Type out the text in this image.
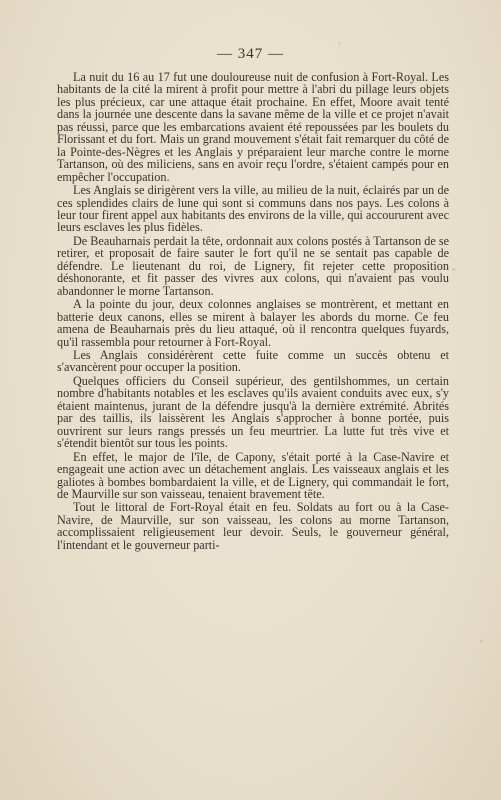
— 347 —

La nuit du 16 au 17 fut une douloureuse nuit de confusion à Fort-Royal. Les habitants de la cité la mirent à profit pour mettre à l'abri du pillage leurs objets les plus précieux, car une attaque était prochaine. En effet, Moore avait tenté dans la journée une descente dans la savane même de la ville et ce projet n'avait pas réussi, parce que les embarcations avaient été repoussées par les boulets du Florissant et du fort. Mais un grand mouvement s'était fait remarquer du côté de la Pointe-des-Nègres et les Anglais y préparaient leur marche contre le morne Tartanson, où des miliciens, sans en avoir reçu l'ordre, s'étaient campés pour en empêcher l'occupation.

Les Anglais se dirigèrent vers la ville, au milieu de la nuit, éclairés par un de ces splendides clairs de lune qui sont si communs dans nos pays. Les colons à leur tour firent appel aux habitants des environs de la ville, qui accoururent avec leurs esclaves les plus fidèles.

De Beauharnais perdait la tête, ordonnait aux colons postés à Tartanson de se retirer, et proposait de faire sauter le fort qu'il ne se sentait pas capable de défendre. Le lieutenant du roi, de Lignery, fit rejeter cette proposition déshonorante, et fit passer des vivres aux colons, qui n'avaient pas voulu abandonner le morne Tartanson.

A la pointe du jour, deux colonnes anglaises se montrèrent, et mettant en batterie deux canons, elles se mirent à balayer les abords du morne. Ce feu amena de Beauharnais près du lieu attaqué, où il rencontra quelques fuyards, qu'il rassembla pour retourner à Fort-Royal.

Les Anglais considérèrent cette fuite comme un succès obtenu et s'avancèrent pour occuper la position.

Quelques officiers du Conseil supérieur, des gentilshommes, un certain nombre d'habitants notables et les esclaves qu'ils avaient conduits avec eux, s'y étaient maintenus, jurant de la défendre jusqu'à la dernière extrémité. Abrités par des taillis, ils laissèrent les Anglais s'approcher à bonne portée, puis ouvrirent sur leurs rangs pressés un feu meurtrier. La lutte fut très vive et s'étendit bientôt sur tous les points.

En effet, le major de l'île, de Capony, s'était porté à la Case-Navire et engageait une action avec un détachement anglais. Les vaisseaux anglais et les galiotes à bombes bombardaient la ville, et de Lignery, qui commandait le fort, de Maurville sur son vaisseau, tenaient bravement tête.

Tout le littoral de Fort-Royal était en feu. Soldats au fort ou à la Case-Navire, de Maurville, sur son vaisseau, les colons au morne Tartanson, accomplissaient religieusement leur devoir. Seuls, le gouverneur général, l'intendant et le gouverneur parti-
